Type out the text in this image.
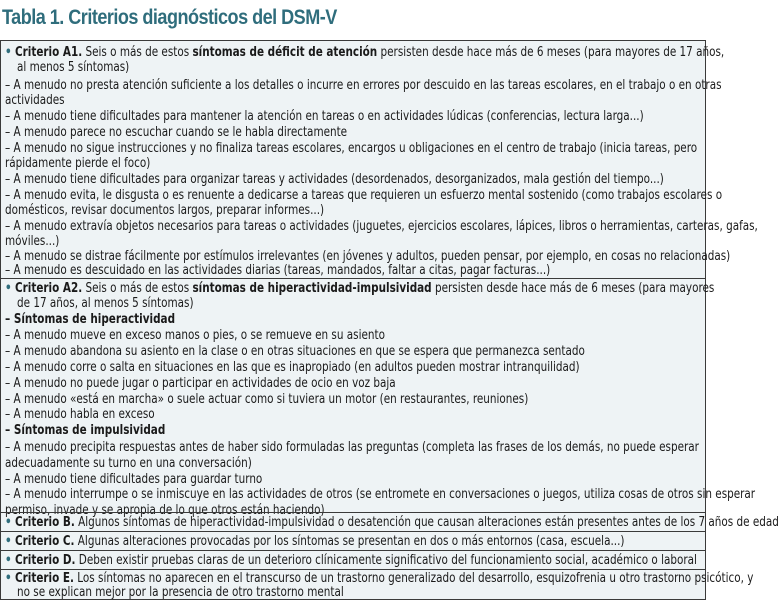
Tabla 1. Criterios diagnósticos del DSM-V
• Criterio A1. Seis o más de estos síntomas de déficit de atención persisten desde hace más de 6 meses (para mayores de 17 años,
al menos 5 síntomas)
– A menudo no presta atención suficiente a los detalles o incurre en errores por descuido en las tareas escolares, en el trabajo o en otras
actividades
– A menudo tiene dificultades para mantener la atención en tareas o en actividades lúdicas (conferencias, lectura larga...)
– A menudo parece no escuchar cuando se le habla directamente
– A menudo no sigue instrucciones y no finaliza tareas escolares, encargos u obligaciones en el centro de trabajo (inicia tareas, pero
rápidamente pierde el foco)
– A menudo tiene dificultades para organizar tareas y actividades (desordenados, desorganizados, mala gestión del tiempo...)
– A menudo evita, le disgusta o es renuente a dedicarse a tareas que requieren un esfuerzo mental sostenido (como trabajos escolares o
domésticos, revisar documentos largos, preparar informes...)
– A menudo extravía objetos necesarios para tareas o actividades (juguetes, ejercicios escolares, lápices, libros o herramientas, carteras, gafas,
móviles...)
– A menudo se distrae fácilmente por estímulos irrelevantes (en jóvenes y adultos, pueden pensar, por ejemplo, en cosas no relacionadas)
– A menudo es descuidado en las actividades diarias (tareas, mandados, faltar a citas, pagar facturas...)
• Criterio A2. Seis o más de estos síntomas de hiperactividad-impulsividad persisten desde hace más de 6 meses (para mayores
de 17 años, al menos 5 síntomas)
– Síntomas de hiperactividad
– A menudo mueve en exceso manos o pies, o se remueve en su asiento
– A menudo abandona su asiento en la clase o en otras situaciones en que se espera que permanezca sentado
– A menudo corre o salta en situaciones en las que es inapropiado (en adultos pueden mostrar intranquilidad)
– A menudo no puede jugar o participar en actividades de ocio en voz baja
– A menudo «está en marcha» o suele actuar como si tuviera un motor (en restaurantes, reuniones)
– A menudo habla en exceso
– Síntomas de impulsividad
– A menudo precipita respuestas antes de haber sido formuladas las preguntas (completa las frases de los demás, no puede esperar
adecuadamente su turno en una conversación)
– A menudo tiene dificultades para guardar turno
– A menudo interrumpe o se inmiscuye en las actividades de otros (se entromete en conversaciones o juegos, utiliza cosas de otros sin esperar
permiso, invade y se apropia de lo que otros están haciendo)
• Criterio B. Algunos síntomas de hiperactividad-impulsividad o desatención que causan alteraciones están presentes antes de los 7 años de edad
• Criterio C. Algunas alteraciones provocadas por los síntomas se presentan en dos o más entornos (casa, escuela...)
• Criterio D. Deben existir pruebas claras de un deterioro clínicamente significativo del funcionamiento social, académico o laboral
• Criterio E. Los síntomas no aparecen en el transcurso de un trastorno generalizado del desarrollo, esquizofrenia u otro trastorno psicótico, y
no se explican mejor por la presencia de otro trastorno mental
